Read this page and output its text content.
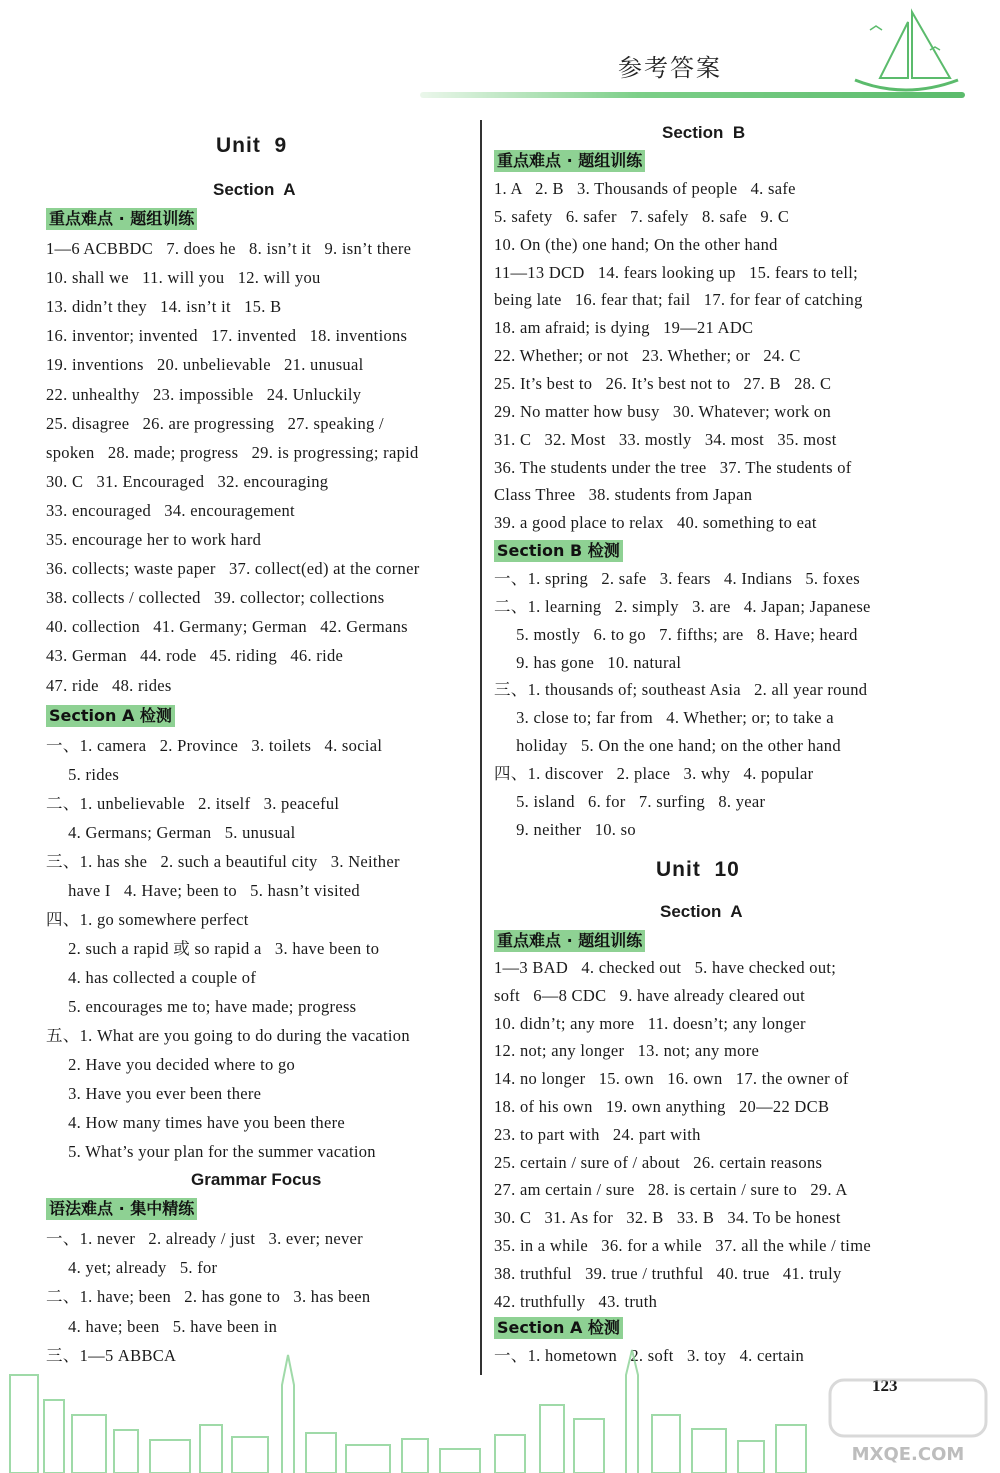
参考答案
Unit  9
Section  A
重点难点 · 题组训练
1—6 ACBBDC   7. does he   8. isn’t it   9. isn’t there
10. shall we   11. will you   12. will you
13. didn’t they   14. isn’t it   15. B
16. inventor; invented   17. invented   18. inventions
19. inventions   20. unbelievable   21. unusual
22. unhealthy   23. impossible   24. Unluckily
25. disagree   26. are progressing   27. speaking /
spoken   28. made; progress   29. is progressing; rapid
30. C   31. Encouraged   32. encouraging
33. encouraged   34. encouragement
35. encourage her to work hard
36. collects; waste paper   37. collect(ed) at the corner
38. collects / collected   39. collector; collections
40. collection   41. Germany; German   42. Germans
43. German   44. rode   45. riding   46. ride
47. ride   48. rides
Section A 检测
一、1. camera   2. Province   3. toilets   4. social
5. rides
二、1. unbelievable   2. itself   3. peaceful
4. Germans; German   5. unusual
三、1. has she   2. such a beautiful city   3. Neither
have I   4. Have; been to   5. hasn’t visited
四、1. go somewhere perfect
2. such a rapid 或 so rapid a   3. have been to
4. has collected a couple of
5. encourages me to; have made; progress
五、1. What are you going to do during the vacation
2. Have you decided where to go
3. Have you ever been there
4. How many times have you been there
5. What’s your plan for the summer vacation
Grammar Focus
语法难点 · 集中精练
一、1. never   2. already / just   3. ever; never
4. yet; already   5. for
二、1. have; been   2. has gone to   3. has been
4. have; been   5. have been in
三、1—5 ABBCA
Section  B
重点难点 · 题组训练
1. A   2. B   3. Thousands of people   4. safe
5. safety   6. safer   7. safely   8. safe   9. C
10. On (the) one hand; On the other hand
11—13 DCD   14. fears looking up   15. fears to tell;
being late   16. fear that; fail   17. for fear of catching
18. am afraid; is dying   19—21 ADC
22. Whether; or not   23. Whether; or   24. C
25. It’s best to   26. It’s best not to   27. B   28. C
29. No matter how busy   30. Whatever; work on
31. C   32. Most   33. mostly   34. most   35. most
36. The students under the tree   37. The students of
Class Three   38. students from Japan
39. a good place to relax   40. something to eat
Section B 检测
一、1. spring   2. safe   3. fears   4. Indians   5. foxes
二、1. learning   2. simply   3. are   4. Japan; Japanese
5. mostly   6. to go   7. fifths; are   8. Have; heard
9. has gone   10. natural
三、1. thousands of; southeast Asia   2. all year round
3. close to; far from   4. Whether; or; to take a
holiday   5. On the one hand; on the other hand
四、1. discover   2. place   3. why   4. popular
5. island   6. for   7. surfing   8. year
9. neither   10. so
Unit  10
Section  A
重点难点 · 题组训练
1—3 BAD   4. checked out   5. have checked out;
soft   6—8 CDC   9. have already cleared out
10. didn’t; any more   11. doesn’t; any longer
12. not; any longer   13. not; any more
14. no longer   15. own   16. own   17. the owner of
18. of his own   19. own anything   20—22 DCB
23. to part with   24. part with
25. certain / sure of / about   26. certain reasons
27. am certain / sure   28. is certain / sure to   29. A
30. C   31. As for   32. B   33. B   34. To be honest
35. in a while   36. for a while   37. all the while / time
38. truthful   39. true / truthful   40. true   41. truly
42. truthfully   43. truth
Section A 检测
一、1. hometown   2. soft   3. toy   4. certain
123
MXQE.COM
